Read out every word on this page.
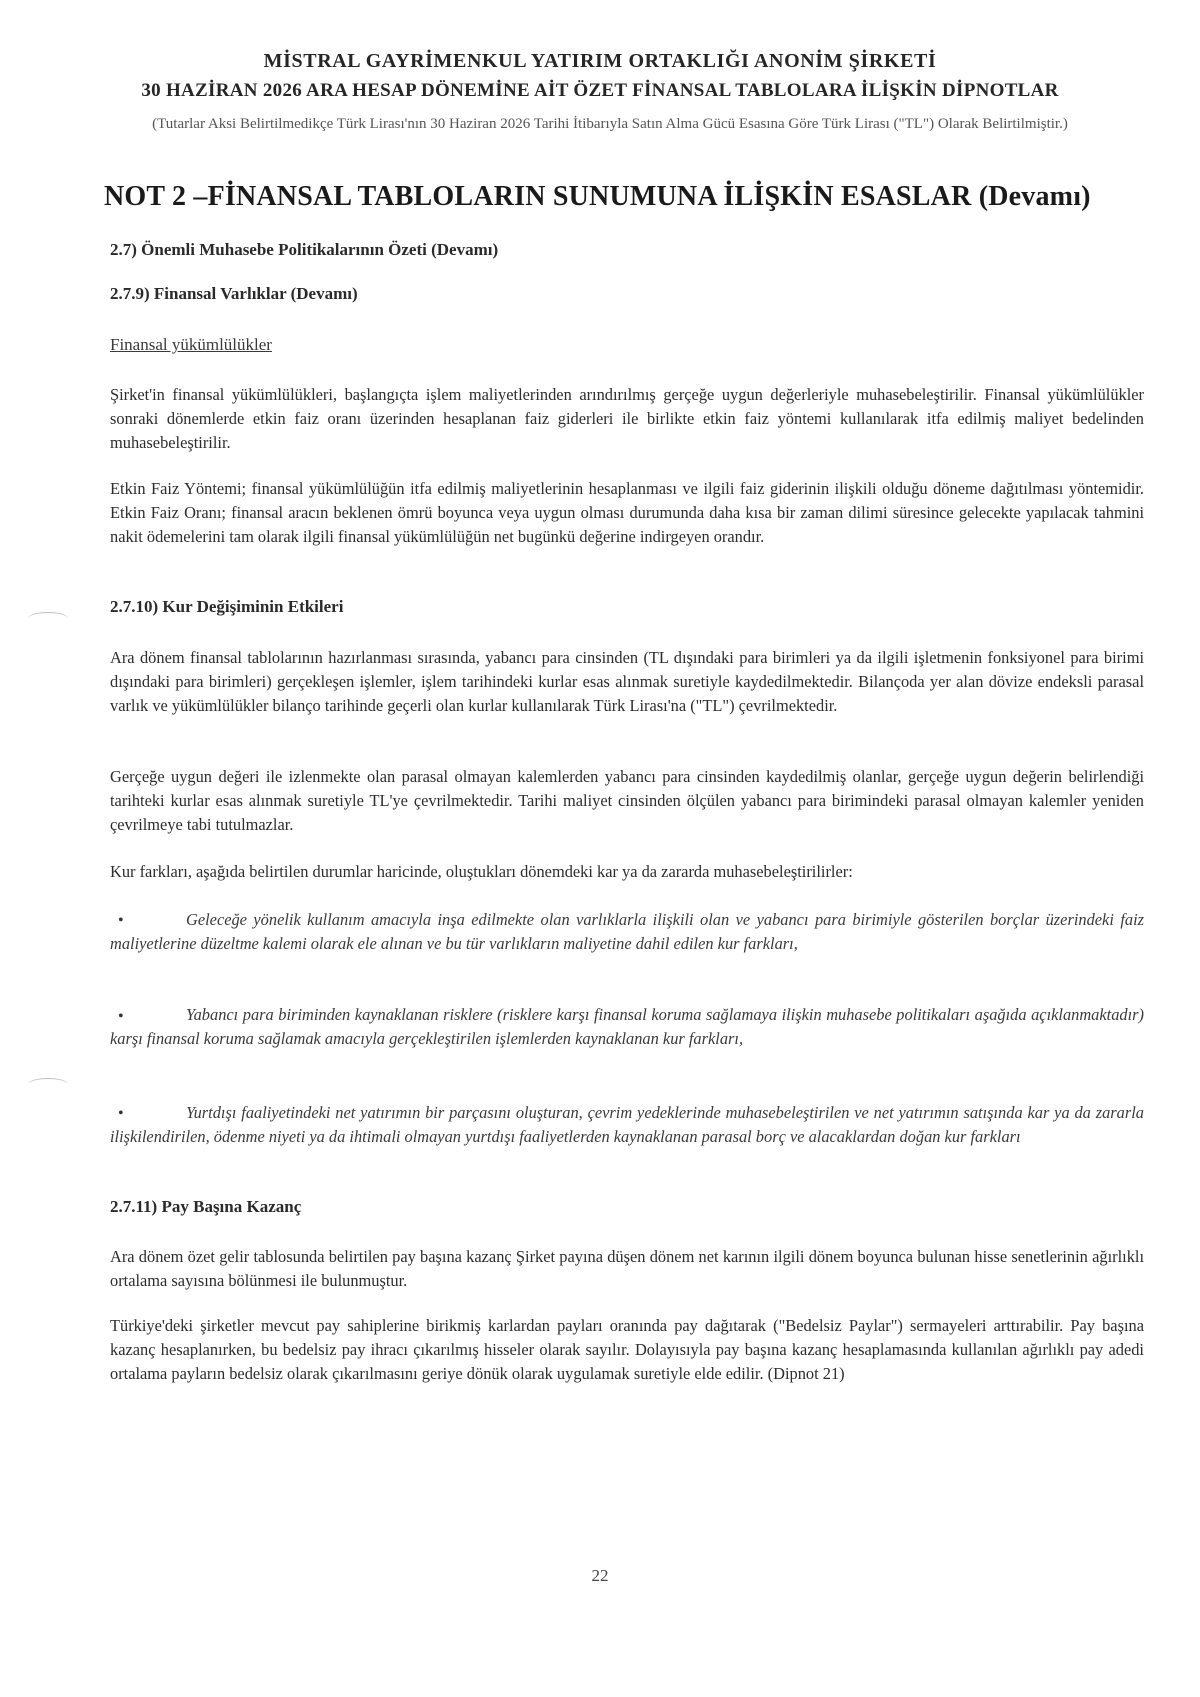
MİSTRAL GAYRİMENKUL YATIRIM ORTAKLIĞI ANONİM ŞİRKETİ
30 HAZİRAN 2026 ARA HESAP DÖNEMİNE AİT ÖZET FİNANSAL TABLOLARA İLİŞKİN DİPNOTLAR
(Tutarlar Aksi Belirtilmedikçe Türk Lirası'nın 30 Haziran 2026 Tarihi İtibarıyla Satın Alma Gücü Esasına Göre Türk Lirası ("TL") Olarak Belirtilmiştir.)
NOT 2 –FİNANSAL TABLOLARIN SUNUMUNA İLİŞKİN ESASLAR (Devamı)
2.7) Önemli Muhasebe Politikalarının Özeti (Devamı)
2.7.9) Finansal Varlıklar (Devamı)
Finansal yükümlülükler
Şirket'in finansal yükümlülükleri, başlangıçta işlem maliyetlerinden arındırılmış gerçeğe uygun değerleriyle muhasebeleştirilir. Finansal yükümlülükler sonraki dönemlerde etkin faiz oranı üzerinden hesaplanan faiz giderleri ile birlikte etkin faiz yöntemi kullanılarak itfa edilmiş maliyet bedelinden muhasebeleştirilir.
Etkin Faiz Yöntemi; finansal yükümlülüğün itfa edilmiş maliyetlerinin hesaplanması ve ilgili faiz giderinin ilişkili olduğu döneme dağıtılması yöntemidir. Etkin Faiz Oranı; finansal aracın beklenen ömrü boyunca veya uygun olması durumunda daha kısa bir zaman dilimi süresince gelecekte yapılacak tahmini nakit ödemelerini tam olarak ilgili finansal yükümlülüğün net bugünkü değerine indirgeyen orandır.
2.7.10) Kur Değişiminin Etkileri
Ara dönem finansal tablolarının hazırlanması sırasında, yabancı para cinsinden (TL dışındaki para birimleri ya da ilgili işletmenin fonksiyonel para birimi dışındaki para birimleri) gerçekleşen işlemler, işlem tarihindeki kurlar esas alınmak suretiyle kaydedilmektedir. Bilançoda yer alan dövize endeksli parasal varlık ve yükümlülükler bilanço tarihinde geçerli olan kurlar kullanılarak Türk Lirası'na ("TL") çevrilmektedir.
Gerçeğe uygun değeri ile izlenmekte olan parasal olmayan kalemlerden yabancı para cinsinden kaydedilmiş olanlar, gerçeğe uygun değerin belirlendiği tarihteki kurlar esas alınmak suretiyle TL'ye çevrilmektedir. Tarihi maliyet cinsinden ölçülen yabancı para birimindeki parasal olmayan kalemler yeniden çevrilmeye tabi tutulmazlar.
Kur farkları, aşağıda belirtilen durumlar haricinde, oluştukları dönemdeki kar ya da zararda muhasebeleştirilirler:
•	Geleceğe yönelik kullanım amacıyla inşa edilmekte olan varlıklarla ilişkili olan ve yabancı para birimiyle gösterilen borçlar üzerindeki faiz maliyetlerine düzeltme kalemi olarak ele alınan ve bu tür varlıkların maliyetine dahil edilen kur farkları,
•	Yabancı para biriminden kaynaklanan risklere (risklere karşı finansal koruma sağlamaya ilişkin muhasebe politikaları aşağıda açıklanmaktadır) karşı finansal koruma sağlamak amacıyla gerçekleştirilen işlemlerden kaynaklanan kur farkları,
•	Yurtdışı faaliyetindeki net yatırımın bir parçasını oluşturan, çevrim yedeklerinde muhasebeleştirilen ve net yatırımın satışında kar ya da zararla ilişkilendirilen, ödenme niyeti ya da ihtimali olmayan yurtdışı faaliyetlerden kaynaklanan parasal borç ve alacaklardan doğan kur farkları
2.7.11) Pay Başına Kazanç
Ara dönem özet gelir tablosunda belirtilen pay başına kazanç Şirket payına düşen dönem net karının ilgili dönem boyunca bulunan hisse senetlerinin ağırlıklı ortalama sayısına bölünmesi ile bulunmuştur.
Türkiye'deki şirketler mevcut pay sahiplerine birikmiş karlardan payları oranında pay dağıtarak ("Bedelsiz Paylar") sermayeleri arttırabilir. Pay başına kazanç hesaplanırken, bu bedelsiz pay ihracı çıkarılmış hisseler olarak sayılır. Dolayısıyla pay başına kazanç hesaplamasında kullanılan ağırlıklı pay adedi ortalama payların bedelsiz olarak çıkarılmasını geriye dönük olarak uygulamak suretiyle elde edilir. (Dipnot 21)
22
